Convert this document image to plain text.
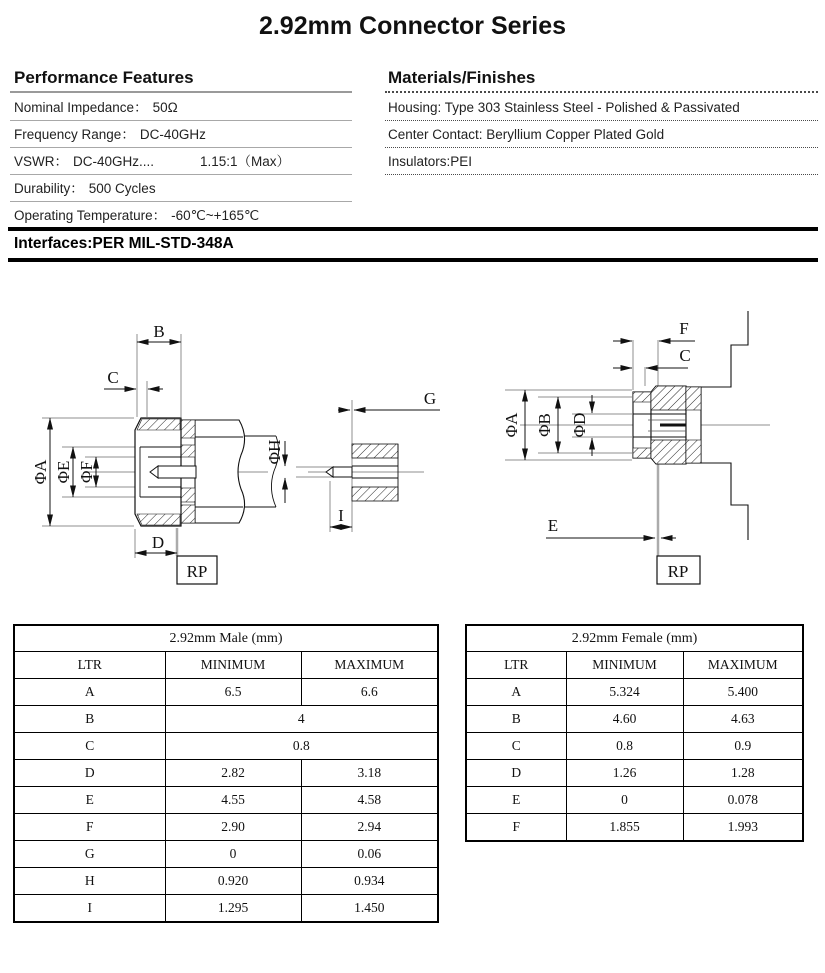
2.92mm Connector Series
Performance Features
Nominal Impedance： 50Ω
Frequency Range： DC-40GHz
VSWR： DC-40GHz....	1.15:1（Max）
Durability： 500 Cycles
Operating Temperature： -60℃~+165℃
Materials/Finishes
Housing: Type 303 Stainless Steel - Polished & Passivated
Center Contact: Beryllium Copper Plated Gold
Insulators:PEI
Interfaces:PER MIL-STD-348A
B
C
ΦA ΦE ΦF
D
RP
G
ΦH
I
F
C
ΦA ΦB ΦD
E
RP
2.92mm Male (mm)		
LTR	MINIMUM	MAXIMUM
A	6.5	6.6
B	4	
C	0.8	
D	2.82	3.18
E	4.55	4.58
F	2.90	2.94
G	0	0.06
H	0.920	0.934
I	1.295	1.450
2.92mm Female (mm)		
LTR	MINIMUM	MAXIMUM
A	5.324	5.400
B	4.60	4.63
C	0.8	0.9
D	1.26	1.28
E	0	0.078
F	1.855	1.993
